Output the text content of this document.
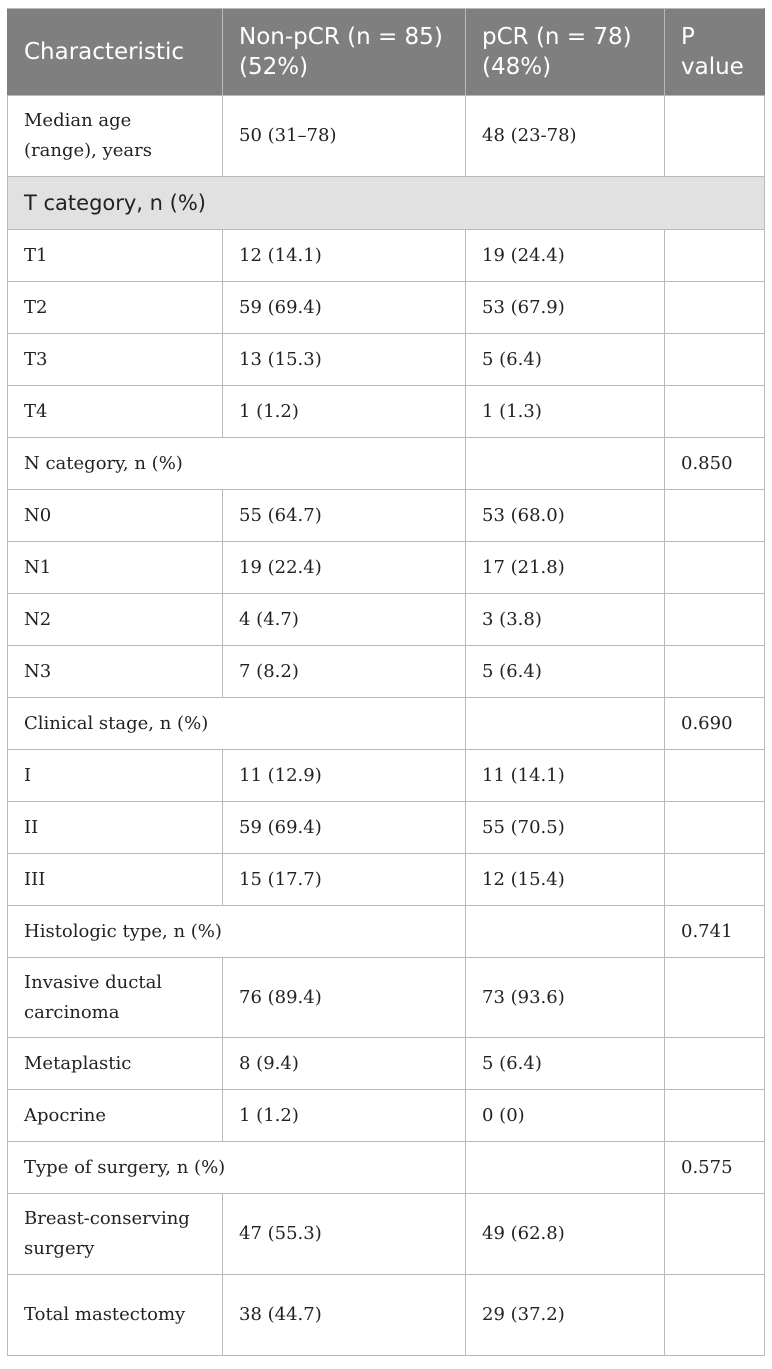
Characteristic	Non-pCR (n = 85) (52%)	pCR (n = 78) (48%)	P value
Median age (range), years	50 (31–78)	48 (23-78)	
T category, n (%)			
T1	12 (14.1)	19 (24.4)	
T2	59 (69.4)	53 (67.9)	
T3	13 (15.3)	5 (6.4)	
T4	1 (1.2)	1 (1.3)	
N category, n (%)			0.850
N0	55 (64.7)	53 (68.0)	
N1	19 (22.4)	17 (21.8)	
N2	4 (4.7)	3 (3.8)	
N3	7 (8.2)	5 (6.4)	
Clinical stage, n (%)			0.690
I	11 (12.9)	11 (14.1)	
II	59 (69.4)	55 (70.5)	
III	15 (17.7)	12 (15.4)	
Histologic type, n (%)			0.741
Invasive ductal carcinoma	76 (89.4)	73 (93.6)	
Metaplastic	8 (9.4)	5 (6.4)	
Apocrine	1 (1.2)	0 (0)	
Type of surgery, n (%)			0.575
Breast-conserving surgery	47 (55.3)	49 (62.8)	
Total mastectomy	38 (44.7)	29 (37.2)	
